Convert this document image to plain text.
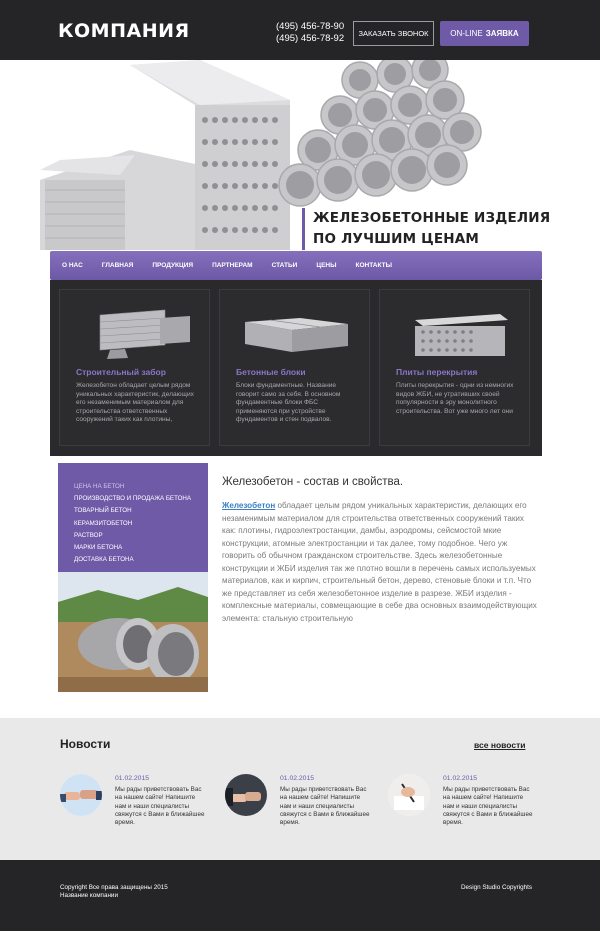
КОМПАНИЯ	(495) 456-78-90
(495) 456-78-92	ЗАКАЗАТЬ ЗВОНОК	ON-LINE ЗАЯВКА
ЖЕЛЕЗОБЕТОННЫЕ ИЗДЕЛИЯ
ПО ЛУЧШИМ ЦЕНАМ
О НАС	ГЛАВНАЯ	ПРОДУКЦИЯ	ПАРТНЕРАМ	СТАТЬИ	ЦЕНЫ	КОНТАКТЫ
Строительный забор
Железобетон обладает целым рядом уникальных характеристик, делающих его незаменимым материалом для строительства ответственных сооружений таких как плотины,
Бетонные блоки
Блоки фундаментные. Название говорит само за себя. В основном фундаментные блоки ФБС применяются при устройстве фундаментов и стен подвалов.
Плиты перекрытия
Плиты перекрытия - одни из немногих видов ЖБИ, не утративших своей популярности в эру монолитного строительства. Вот уже много лет они
ЦЕНА НА БЕТОН
ПРОИЗВОДСТВО И ПРОДАЖА БЕТОНА
ТОВАРНЫЙ БЕТОН
КЕРАМЗИТОБЕТОН
РАСТВОР
МАРКИ БЕТОНА
ДОСТАВКА БЕТОНА
Железобетон - состав и свойства.
Железобетон обладает целым рядом уникальных характеристик, делающих его незаменимым материалом для строительства ответственных сооружений таких как: плотины, гидроэлектростанции, дамбы, аэродромы, сейсмостой мкие конструкции, атомные электростанции и так далее, тому подобное. Чего уж говорить об обычном гражданском строительстве. Здесь железобетонные конструкции и ЖБИ изделия так же плотно вошли в перечень самых используемых материалов, как и кирпич, строительный бетон, дерево, стеновые блоки и т.п. Что же представляет из себя железобетонное изделие в разрезе. ЖБИ изделия - комплексные материалы, совмещающие в себе два основных взаимодействующих элемента: стальную строительную
Новости	все новости
01.02.2015
Мы рады приветствовать Вас на нашем сайте! Напишите нам и наши специалисты свяжутся с Вами в ближайшее время.
01.02.2015
Мы рады приветствовать Вас на нашем сайте! Напишите нам и наши специалисты свяжутся с Вами в ближайшее время.
01.02.2015
Мы рады приветствовать Вас на нашем сайте! Напишите нам и наши специалисты свяжутся с Вами в ближайшее время.
Copyright Все права защищены 2015
Название компании
Design Studio Copyrights
